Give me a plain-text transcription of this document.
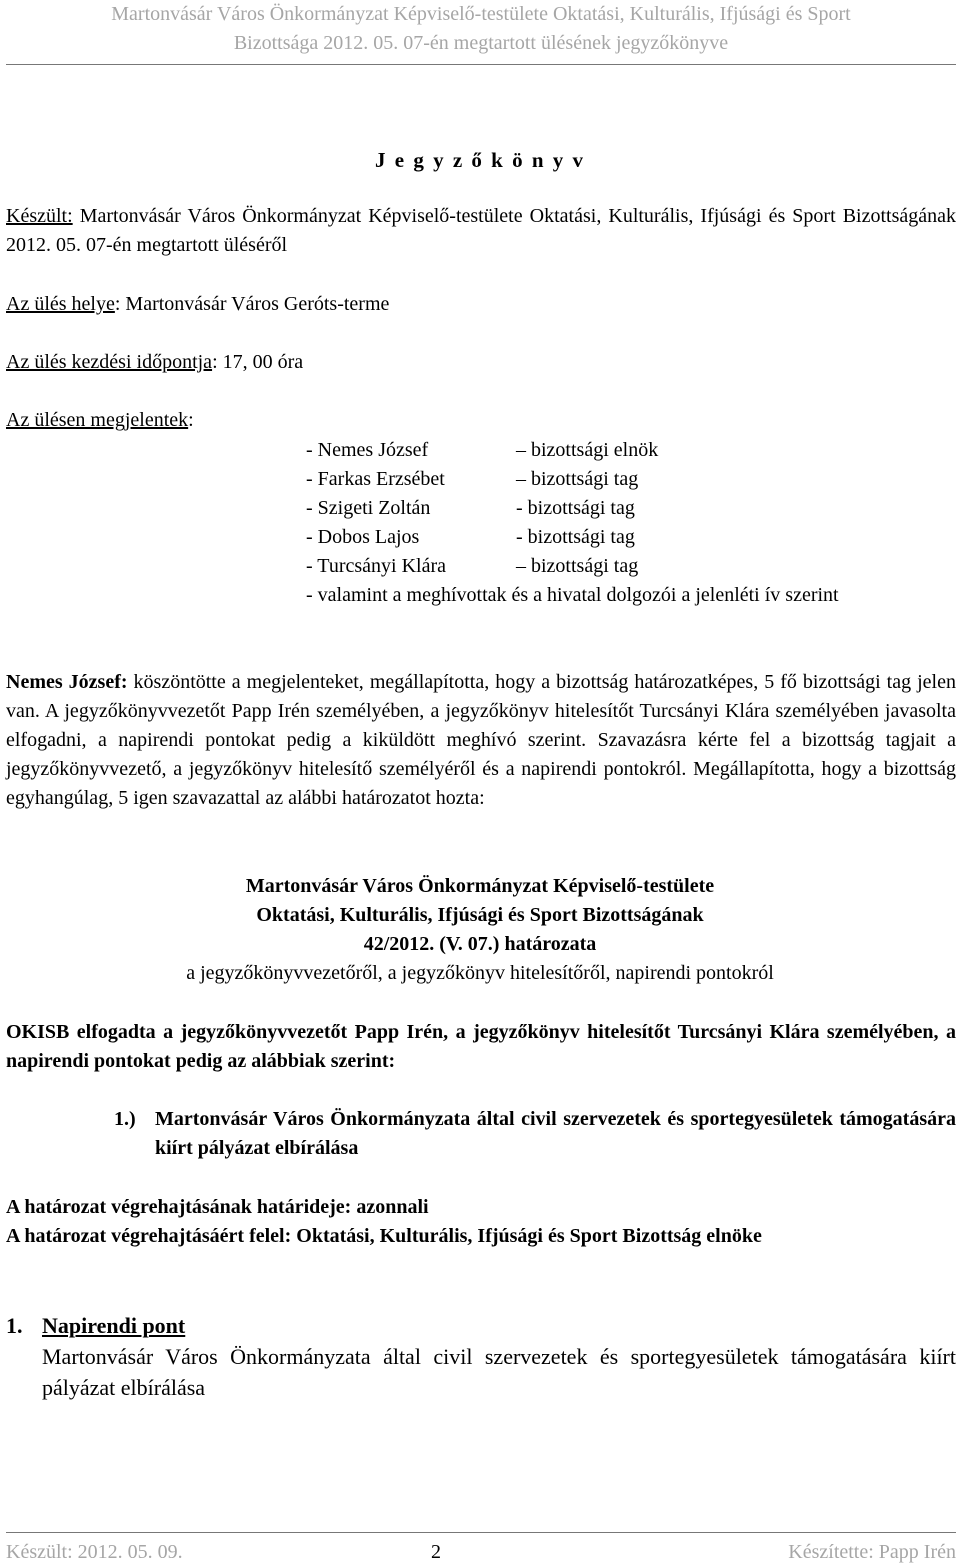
Martonvásár Város Önkormányzat Képviselő-testülete Oktatási, Kulturális, Ifjúsági és Sport
Bizottsága 2012. 05. 07-én megtartott ülésének jegyzőkönyve
J e g y z ő k ö n y v
Készült: Martonvásár Város Önkormányzat Képviselő-testülete Oktatási, Kulturális, Ifjúsági és Sport Bizottságának 2012. 05. 07-én megtartott üléséről
Az ülés helye: Martonvásár Város Geróts-terme
Az ülés kezdési időpontja: 17, 00 óra
Az ülésen megjelentek:
- Nemes József	– bizottsági elnök
- Farkas Erzsébet	– bizottsági tag
- Szigeti Zoltán	- bizottsági tag
- Dobos Lajos	- bizottsági tag
- Turcsányi Klára	– bizottsági tag
- valamint a meghívottak és a hivatal dolgozói a jelenléti ív szerint
Nemes József: köszöntötte a megjelenteket, megállapította, hogy a bizottság határozatképes, 5 fő bizottsági tag jelen van. A jegyzőkönyvvezetőt Papp Irén személyében, a jegyzőkönyv hitelesítőt Turcsányi Klára személyében javasolta elfogadni, a napirendi pontokat pedig a kiküldött meghívó szerint. Szavazásra kérte fel a bizottság tagjait a jegyzőkönyvvezető, a jegyzőkönyv hitelesítő személyéről és a napirendi pontokról. Megállapította, hogy a bizottság egyhangúlag, 5 igen szavazattal az alábbi határozatot hozta:
Martonvásár Város Önkormányzat Képviselő-testülete
Oktatási, Kulturális, Ifjúsági és Sport Bizottságának
42/2012. (V. 07.) határozata
a jegyzőkönyvvezetőről, a jegyzőkönyv hitelesítőről, napirendi pontokról
OKISB elfogadta a jegyzőkönyvvezetőt Papp Irén, a jegyzőkönyv hitelesítőt Turcsányi Klára személyében, a napirendi pontokat pedig az alábbiak szerint:
1.) Martonvásár Város Önkormányzata által civil szervezetek és sportegyesületek támogatására kiírt pályázat elbírálása
A határozat végrehajtásának határideje: azonnali
A határozat végrehajtásáért felel: Oktatási, Kulturális, Ifjúsági és Sport Bizottság elnöke
1. Napirendi pont
Martonvásár Város Önkormányzata által civil szervezetek és sportegyesületek támogatására kiírt pályázat elbírálása
Készült: 2012. 05. 09.	2	Készítette: Papp Irén
